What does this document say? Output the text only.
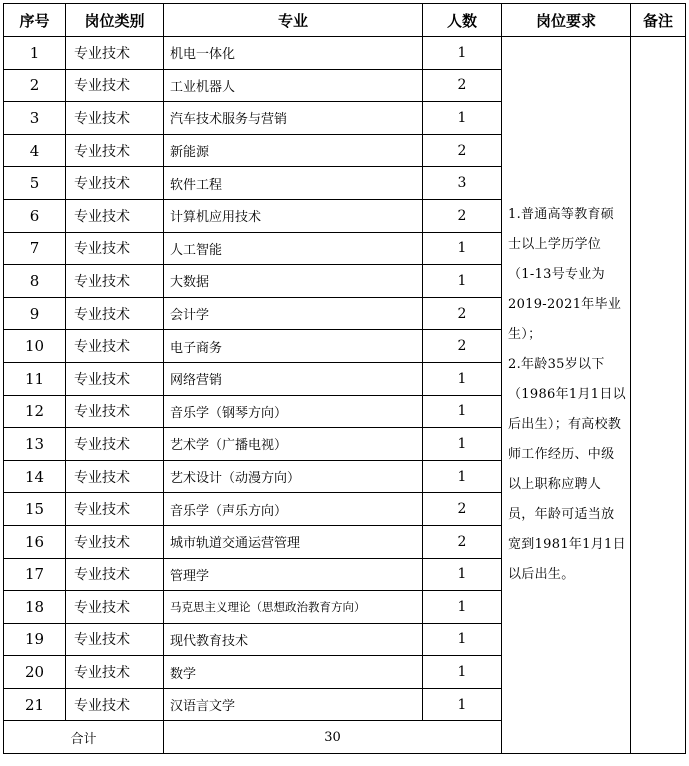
序号	岗位类别	专业	人数	岗位要求	备注
1	专业技术	机电一体化	1	1.普通高等教育硕士以上学历学位（1-13号专业为2019-2021年毕业生）；

2.年龄35岁以下（1986年1月1日以后出生）；有高校教师工作经历、中级以上职称应聘人员，年龄可适当放宽到1981年1月1日以后出生。	

2	专业技术	工业机器人	2		
3	专业技术	汽车技术服务与营销	1		
4	专业技术	新能源	2		
5	专业技术	软件工程	3		
6	专业技术	计算机应用技术	2		
7	专业技术	人工智能	1		
8	专业技术	大数据	1		
9	专业技术	会计学	2		
10	专业技术	电子商务	2		
11	专业技术	网络营销	1		
12	专业技术	音乐学（钢琴方向）	1		
13	专业技术	艺术学（广播电视）	1		
14	专业技术	艺术设计（动漫方向）	1		
15	专业技术	音乐学（声乐方向）	2		
16	专业技术	城市轨道交通运营管理	2		
17	专业技术	管理学	1		
18	专业技术	马克思主义理论（思想政治教育方向）	1		
19	专业技术	现代教育技术	1		
20	专业技术	数学	1		
21	专业技术	汉语言文学	1		
合计		30			
